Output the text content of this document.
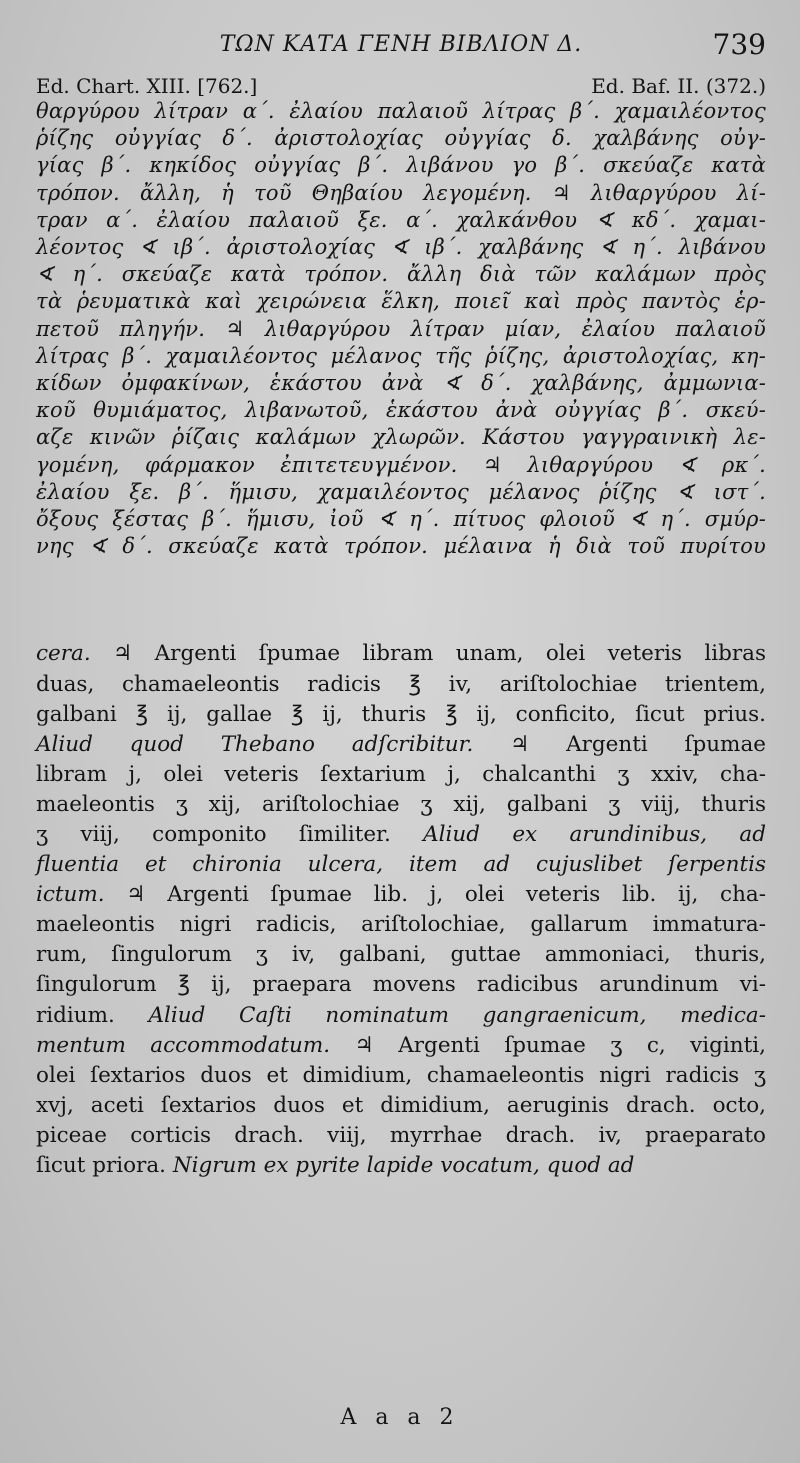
ΤΩΝ ΚΑΤΑ ΓΕΝΗ ΒΙΒΛΙΟΝ Δ.	739
Ed. Chart. XIII. [762.]	Ed. Baf. II. (372.)

θαργύρου λίτραν α΄. ἐλαίου παλαιοῦ λίτρας β΄. χαμαιλέοντος

ῥίζης οὐγγίας δ΄. ἀριστολοχίας οὐγγίας δ. χαλβάνης οὐγ-

γίας β΄. κηκίδος οὐγγίας β΄. λιβάνου γο β΄. σκεύαζε κατὰ

τρόπον. ἄλλη, ἡ τοῦ Θηβαίου λεγομένη. ♃ λιθαργύρου λί-

τραν α΄. ἐλαίου παλαιοῦ ξε. α΄. χαλκάνθου ∢ κδ΄. χαμαι-

λέοντος ∢ ιβ΄. ἀριστολοχίας ∢ ιβ΄. χαλβάνης ∢ η΄. λιβάνου

∢ η΄. σκεύαζε κατὰ τρόπον. ἄλλη διὰ τῶν καλάμων πρὸς

τὰ ῥευματικὰ καὶ χειρώνεια ἕλκη, ποιεῖ καὶ πρὸς παντὸς ἑρ-

πετοῦ πληγήν. ♃ λιθαργύρου λίτραν μίαν, ἐλαίου παλαιοῦ

λίτρας β΄. χαμαιλέοντος μέλανος τῆς ῥίζης, ἀριστολοχίας, κη-

κίδων ὀμφακίνων, ἑκάστου ἀνὰ ∢ δ΄. χαλβάνης, ἀμμωνια-

κοῦ θυμιάματος, λιβανωτοῦ, ἑκάστου ἀνὰ οὐγγίας β΄. σκεύ-

αζε κινῶν ῥίζαις καλάμων χλωρῶν. Κάστου γαγγραινικὴ λε-

γομένη, φάρμακον ἐπιτετευγμένον. ♃ λιθαργύρου ∢ ρκ΄.

ἐλαίου ξε. β΄. ἥμισυ, χαμαιλέοντος μέλανος ῥίζης ∢ ιστ΄.

ὄξους ξέστας β΄. ἥμισυ, ἰοῦ ∢ η΄. πίτυος φλοιοῦ ∢ η΄. σμύρ-

νης ∢ δ΄. σκεύαζε κατὰ τρόπον. μέλαινα ἡ διὰ τοῦ πυρίτου

cera. ♃ Argenti ſpumae libram unam, olei veteris libras

duas, chamaeleontis radicis ℥ iv, ariſtolochiae trientem,

galbani ℥ ij, gallae ℥ ij, thuris ℥ ij, conficito, ſicut prius.

Aliud quod Thebano adſcribitur. ♃ Argenti ſpumae

libram j, olei veteris ſextarium j, chalcanthi ʒ xxiv, cha-

maeleontis ʒ xij, ariſtolochiae ʒ xij, galbani ʒ viij, thuris

ʒ viij, componito ſimiliter. Aliud ex arundinibus, ad

fluentia et chironia ulcera, item ad cujuslibet ſerpentis

ictum. ♃ Argenti ſpumae lib. j, olei veteris lib. ij, cha-

maeleontis nigri radicis, ariſtolochiae, gallarum immatura-

rum, ſingulorum ʒ iv, galbani, guttae ammoniaci, thuris,

ſingulorum ℥ ij, praepara movens radicibus arundinum vi-

ridium. Aliud Caſti nominatum gangraenicum, medica-

mentum accommodatum. ♃ Argenti ſpumae ʒ c, viginti,

olei ſextarios duos et dimidium, chamaeleontis nigri radicis ʒ

xvj, aceti ſextarios duos et dimidium, aeruginis drach. octo,

piceae corticis drach. viij, myrrhae drach. iv, praeparato

ſicut priora. Nigrum ex pyrite lapide vocatum, quod ad

A a a 2
